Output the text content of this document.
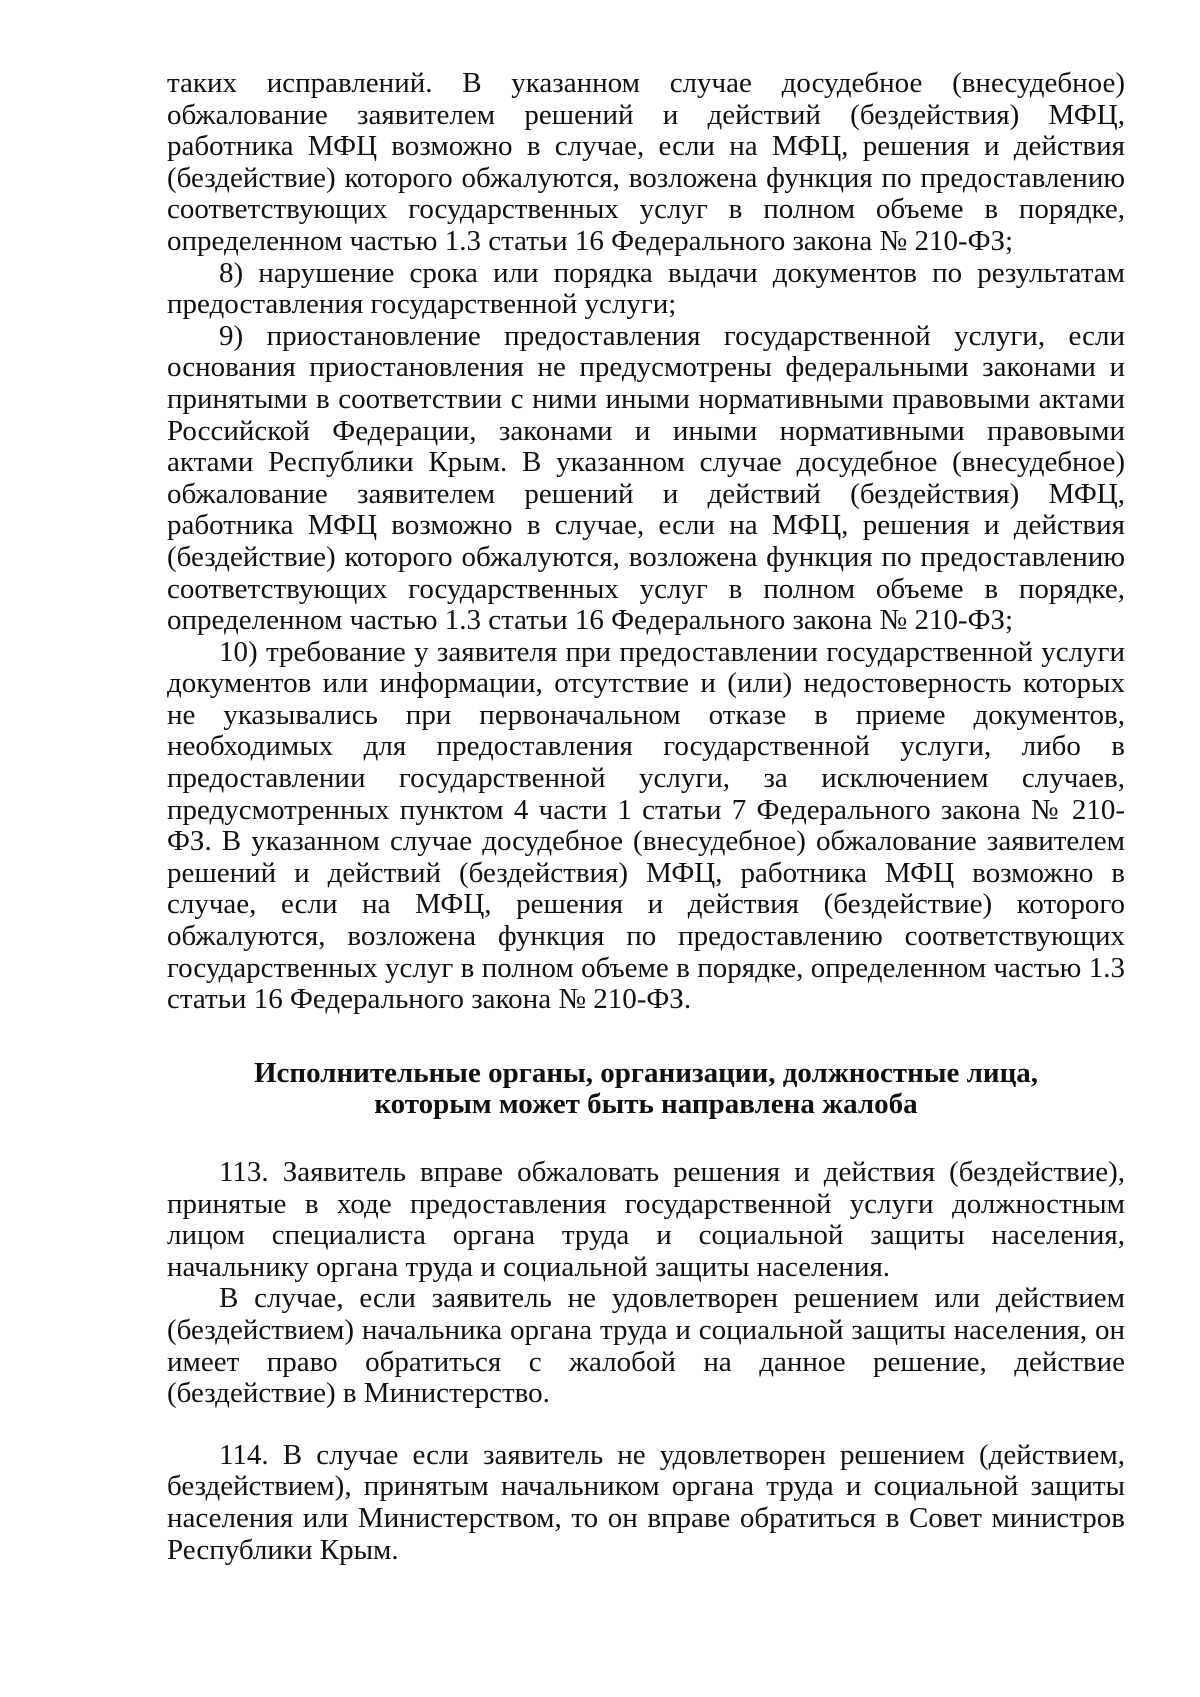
таких исправлений. В указанном случае досудебное (внесудебное) обжалование заявителем решений и действий (бездействия) МФЦ, работника МФЦ возможно в случае, если на МФЦ, решения и действия (бездействие) которого обжалуются, возложена функция по предоставлению соответствующих государственных услуг в полном объеме в порядке, определенном частью 1.3 статьи 16 Федерального закона № 210-ФЗ;

8) нарушение срока или порядка выдачи документов по результатам предоставления государственной услуги;

9) приостановление предоставления государственной услуги, если основания приостановления не предусмотрены федеральными законами и принятыми в соответствии с ними иными нормативными правовыми актами Российской Федерации, законами и иными нормативными правовыми актами Республики Крым. В указанном случае досудебное (внесудебное) обжалование заявителем решений и действий (бездействия) МФЦ, работника МФЦ возможно в случае, если на МФЦ, решения и действия (бездействие) которого обжалуются, возложена функция по предоставлению соответствующих государственных услуг в полном объеме в порядке, определенном частью 1.3 статьи 16 Федерального закона № 210-ФЗ;

10) требование у заявителя при предоставлении государственной услуги документов или информации, отсутствие и (или) недостоверность которых не указывались при первоначальном отказе в приеме документов, необходимых для предоставления государственной услуги, либо в предоставлении государственной услуги, за исключением случаев, предусмотренных пунктом 4 части 1 статьи 7 Федерального закона № 210-ФЗ. В указанном случае досудебное (внесудебное) обжалование заявителем решений и действий (бездействия) МФЦ, работника МФЦ возможно в случае, если на МФЦ, решения и действия (бездействие) которого обжалуются, возложена функция по предоставлению соответствующих государственных услуг в полном объеме в порядке, определенном частью 1.3 статьи 16 Федерального закона № 210-ФЗ.

Исполнительные органы, организации, должностные лица,
которым может быть направлена жалоба

113. Заявитель вправе обжаловать решения и действия (бездействие), принятые в ходе предоставления государственной услуги должностным лицом специалиста органа труда и социальной защиты населения, начальнику органа труда и социальной защиты населения.

В случае, если заявитель не удовлетворен решением или действием (бездействием) начальника органа труда и социальной защиты населения, он имеет право обратиться с жалобой на данное решение, действие (бездействие) в Министерство.

114. В случае если заявитель не удовлетворен решением (действием, бездействием), принятым начальником органа труда и социальной защиты населения или Министерством, то он вправе обратиться в Совет министров Республики Крым.
